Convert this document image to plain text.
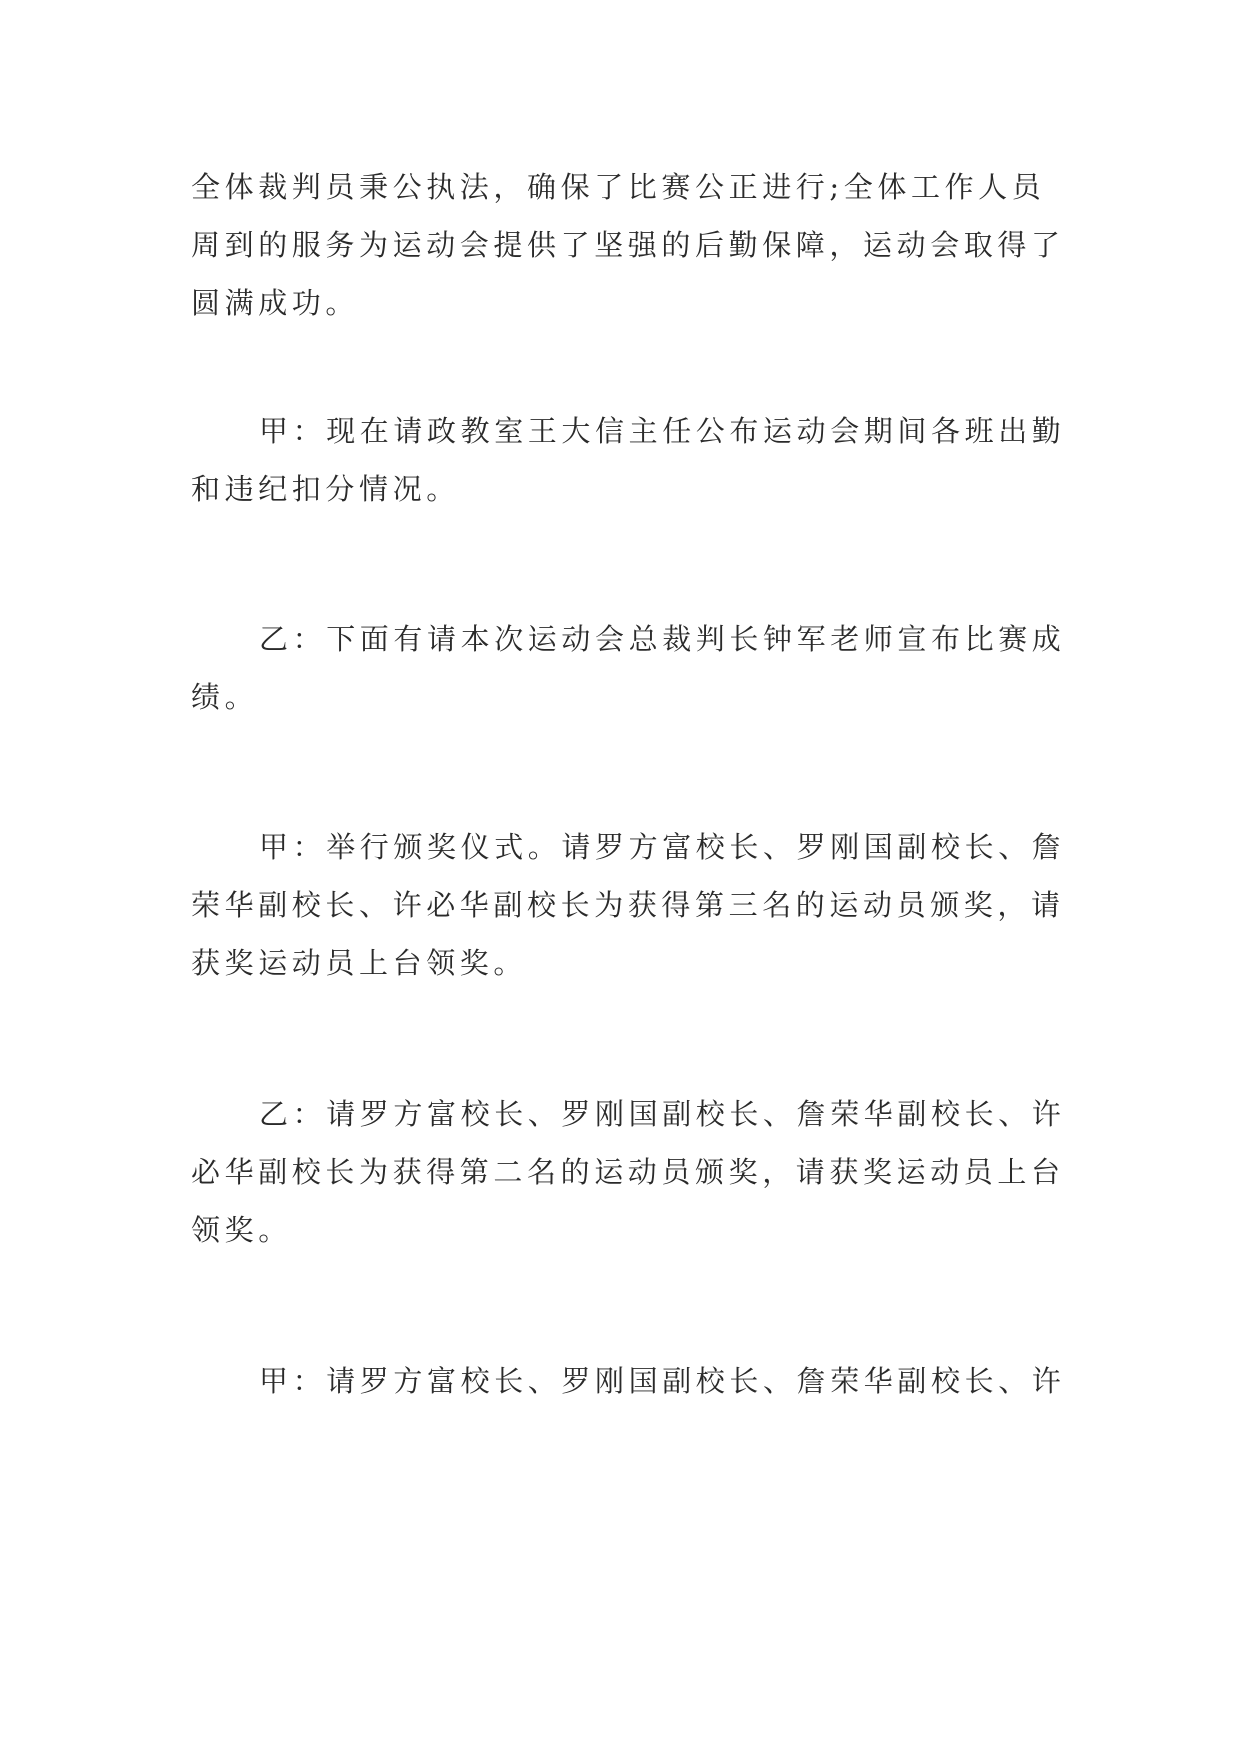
全体裁判员秉公执法，确保了比赛公正进行;全体工作人员
周到的服务为运动会提供了坚强的后勤保障，运动会取得了
圆满成功。

甲：现在请政教室王大信主任公布运动会期间各班出勤
和违纪扣分情况。

乙：下面有请本次运动会总裁判长钟军老师宣布比赛成
绩。

甲：举行颁奖仪式。请罗方富校长、罗刚国副校长、詹
荣华副校长、许必华副校长为获得第三名的运动员颁奖，请
获奖运动员上台领奖。

乙：请罗方富校长、罗刚国副校长、詹荣华副校长、许
必华副校长为获得第二名的运动员颁奖，请获奖运动员上台
领奖。

甲：请罗方富校长、罗刚国副校长、詹荣华副校长、许
